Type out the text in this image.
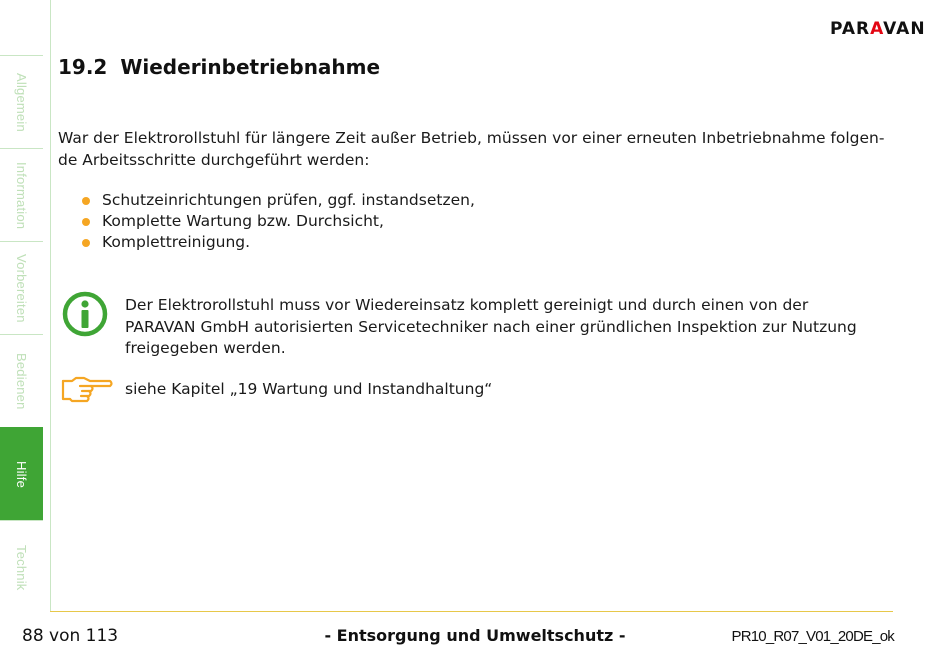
Allgemein
Information
Vorbereiten
Bedienen
Hilfe
Technik
PARAVAN
19.2 Wiederinbetriebnahme
War der Elektrorollstuhl für längere Zeit außer Betrieb, müssen vor einer erneuten Inbetriebnahme folgen-
de Arbeitsschritte durchgeführt werden:
Schutzeinrichtungen prüfen, ggf. instandsetzen,
Komplette Wartung bzw. Durchsicht,
Komplettreinigung.
Der Elektrorollstuhl muss vor Wiedereinsatz komplett gereinigt und durch einen von der
PARAVAN GmbH autorisierten Servicetechniker nach einer gründlichen Inspektion zur Nutzung
freigegeben werden.
siehe Kapitel „19 Wartung und Instandhaltung“
88 von 113	- Entsorgung und Umweltschutz -	PR10_R07_V01_20DE_ok
